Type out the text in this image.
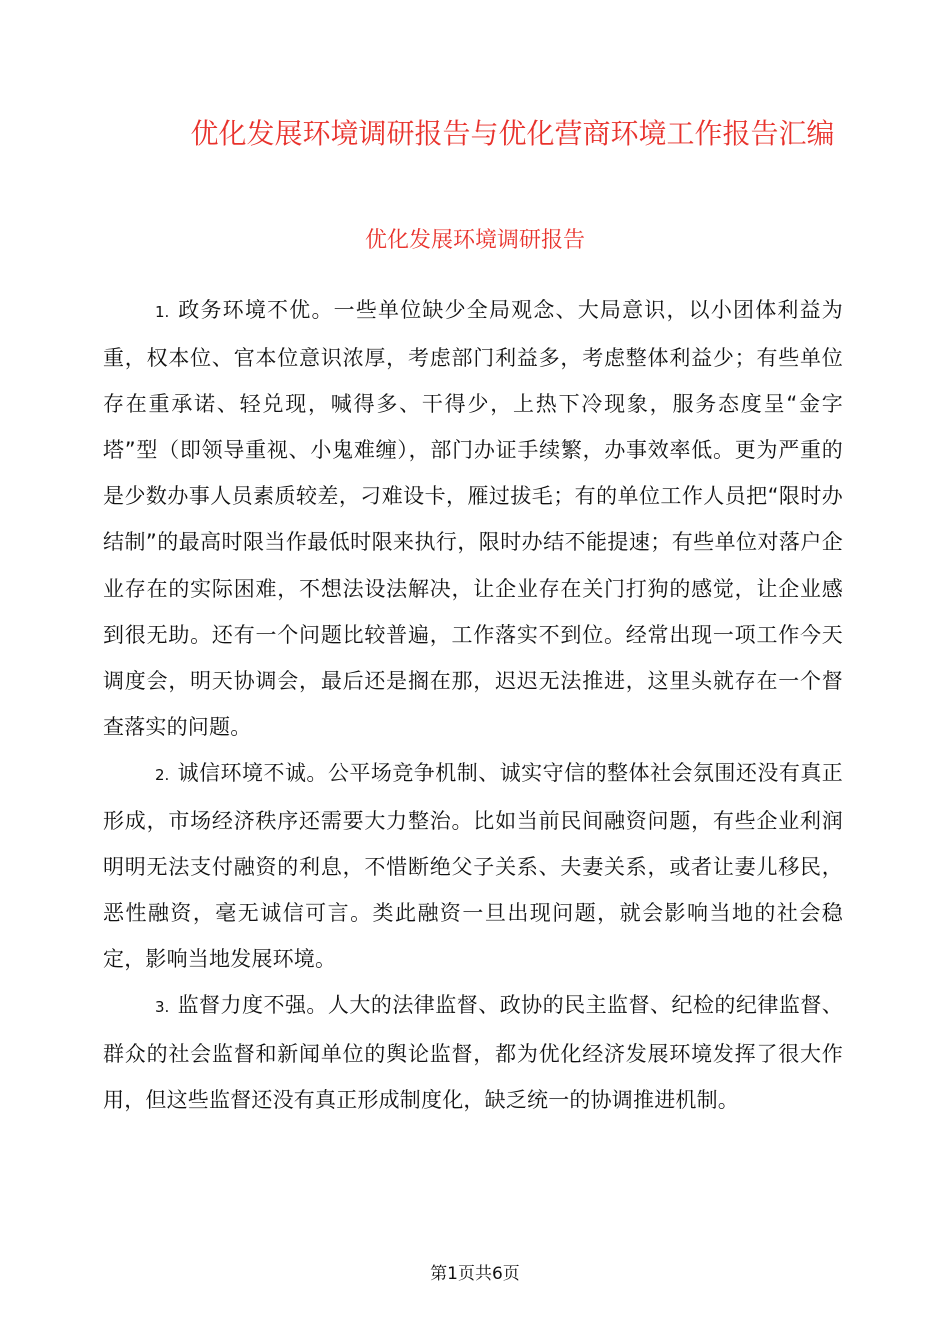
优化发展环境调研报告与优化营商环境工作报告汇编
优化发展环境调研报告

1. 政务环境不优。一些单位缺少全局观念、大局意识，以小团体利益为重，权本位、官本位意识浓厚，考虑部门利益多，考虑整体利益少；有些单位存在重承诺、轻兑现，喊得多、干得少，上热下冷现象，服务态度呈“金字塔”型（即领导重视、小鬼难缠），部门办证手续繁，办事效率低。更为严重的是少数办事人员素质较差，刁难设卡，雁过拔毛；有的单位工作人员把“限时办结制”的最高时限当作最低时限来执行，限时办结不能提速；有些单位对落户企业存在的实际困难，不想法设法解决，让企业存在关门打狗的感觉，让企业感到很无助。还有一个问题比较普遍，工作落实不到位。经常出现一项工作今天调度会，明天协调会，最后还是搁在那，迟迟无法推进，这里头就存在一个督查落实的问题。

2. 诚信环境不诚。公平场竞争机制、诚实守信的整体社会氛围还没有真正形成，市场经济秩序还需要大力整治。比如当前民间融资问题，有些企业利润明明无法支付融资的利息，不惜断绝父子关系、夫妻关系，或者让妻儿移民，恶性融资，毫无诚信可言。类此融资一旦出现问题，就会影响当地的社会稳定，影响当地发展环境。

3. 监督力度不强。人大的法律监督、政协的民主监督、纪检的纪律监督、群众的社会监督和新闻单位的舆论监督，都为优化经济发展环境发挥了很大作用，但这些监督还没有真正形成制度化，缺乏统一的协调推进机制。

第1页共6页
